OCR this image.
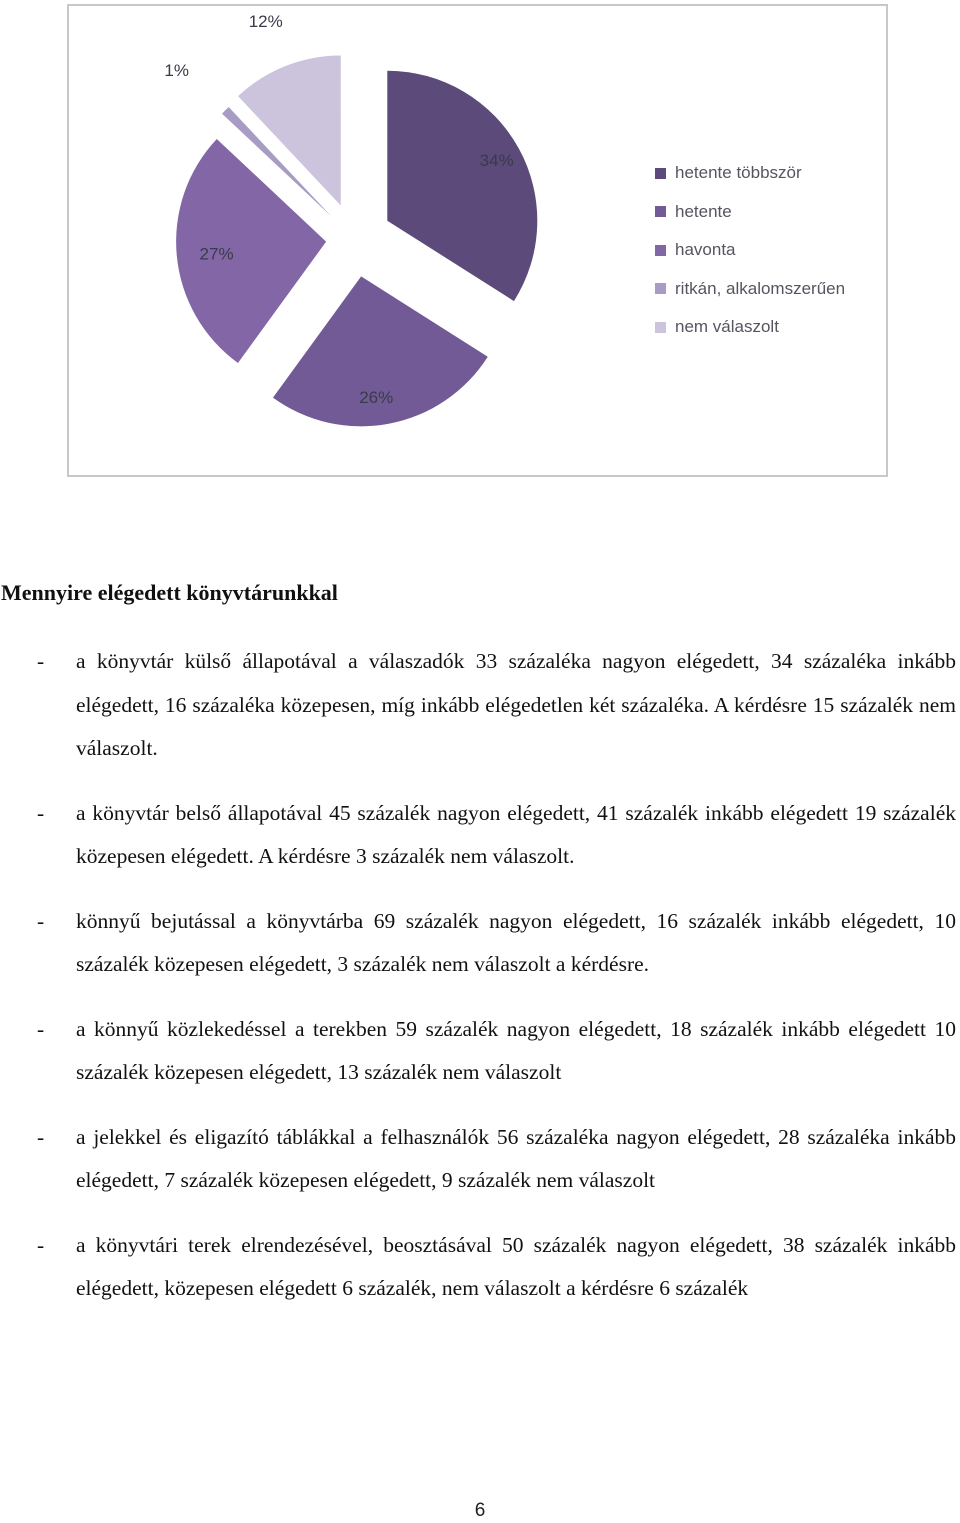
34%
26%
27%
1%
12%
hetente többször
hetente
havonta
ritkán, alkalomszerűen
nem válaszolt
Mennyire elégedett könyvtárunkkal
- a könyvtár külső állapotával a válaszadók 33 százaléka nagyon elégedett, 34 százaléka inkább elégedett, 16 százaléka közepesen, míg inkább elégedetlen két százaléka. A kérdésre 15 százalék nem válaszolt.
- a könyvtár belső állapotával 45 százalék nagyon elégedett, 41 százalék inkább elégedett 19 százalék közepesen elégedett. A kérdésre 3 százalék nem válaszolt.
- könnyű bejutással a könyvtárba 69 százalék nagyon elégedett, 16 százalék inkább elégedett, 10 százalék közepesen elégedett, 3 százalék nem válaszolt a kérdésre.
- a könnyű közlekedéssel a terekben 59 százalék nagyon elégedett, 18 százalék inkább elégedett 10 százalék közepesen elégedett, 13 százalék nem válaszolt
- a jelekkel és eligazító táblákkal a felhasználók 56 százaléka nagyon elégedett, 28 százaléka inkább elégedett, 7 százalék közepesen elégedett, 9 százalék nem válaszolt
- a könyvtári terek elrendezésével, beosztásával 50 százalék nagyon elégedett, 38 százalék inkább elégedett, közepesen elégedett 6 százalék, nem válaszolt a kérdésre 6 százalék
6
